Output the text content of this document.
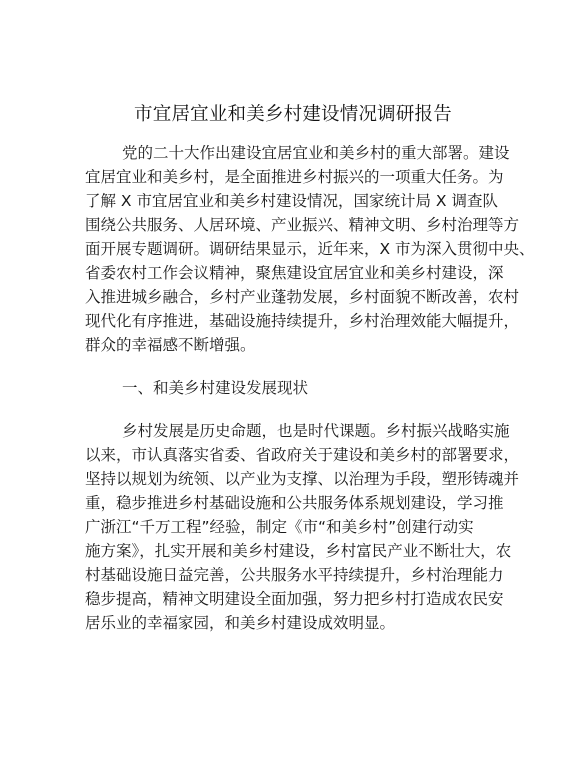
市宜居宜业和美乡村建设情况调研报告
党的二十大作出建设宜居宜业和美乡村的重大部署。建设
宜居宜业和美乡村，是全面推进乡村振兴的一项重大任务。为
了解 X 市宜居宜业和美乡村建设情况，国家统计局 X 调查队
围绕公共服务、人居环境、产业振兴、精神文明、乡村治理等方
面开展专题调研。调研结果显示，近年来，X 市为深入贯彻中央、
省委农村工作会议精神，聚焦建设宜居宜业和美乡村建设，深
入推进城乡融合，乡村产业蓬勃发展，乡村面貌不断改善，农村
现代化有序推进，基础设施持续提升，乡村治理效能大幅提升，
群众的幸福感不断增强。
一、和美乡村建设发展现状
乡村发展是历史命题，也是时代课题。乡村振兴战略实施
以来，市认真落实省委、省政府关于建设和美乡村的部署要求，
坚持以规划为统领、以产业为支撑、以治理为手段，塑形铸魂并
重，稳步推进乡村基础设施和公共服务体系规划建设，学习推
广浙江“千万工程”经验，制定《市“和美乡村”创建行动实
施方案》，扎实开展和美乡村建设，乡村富民产业不断壮大，农
村基础设施日益完善，公共服务水平持续提升，乡村治理能力
稳步提高，精神文明建设全面加强，努力把乡村打造成农民安
居乐业的幸福家园，和美乡村建设成效明显。
